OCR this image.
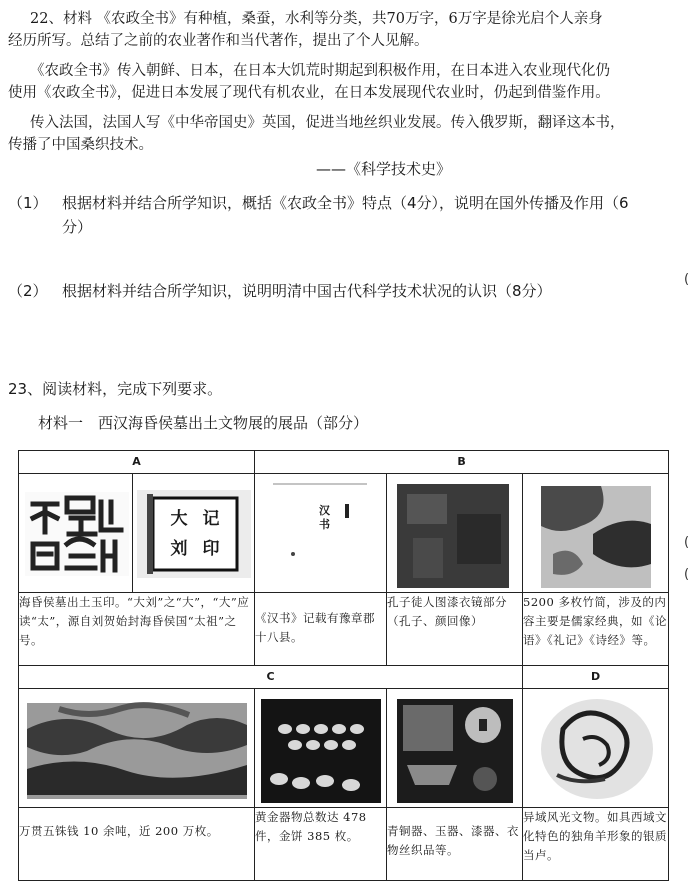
22、材料 《农政全书》有种植，桑蚕，水利等分类，共70万字，6万字是徐光启个人亲身
经历所写。总结了之前的农业著作和当代著作，提出了个人见解。
《农政全书》传入朝鲜、日本，在日本大饥荒时期起到积极作用，在日本进入农业现代化仍
使用《农政全书》，促进日本发展了现代有机农业，在日本发展现代农业时，仍起到借鉴作用。
传入法国，法国人写《中华帝国史》英国，促进当地丝织业发展。传入俄罗斯，翻译这本书，
传播了中国桑织技术。
——《科学技术史》
（1） 根据材料并结合所学知识，概括《农政全书》特点（4分），说明在国外传播及作用（6
分）
（2） 根据材料并结合所学知识，说明明清中国古代科学技术状况的认识（8分）
(
(
(
23、阅读材料，完成下列要求。
材料一　西汉海昏侯墓出土文物展的展品（部分）
A		B		

大 记
刘 印	汉书

海昏侯墓出土玉印。“大刘”之“大”，“大”应读“太”，源自刘贺始封海昏侯国“太祖”之号。		《汉书》记载有豫章郡十八县。	孔子徒人图漆衣镜部分（孔子、颜回像）	5200 多枚竹简，涉及的内容主要是儒家经典，如《论语》《礼记》《诗经》等。

C				D

万贯五铢钱 10 余吨，近 200 万枚。		黄金器物总数达 478 件，金饼 385 枚。	青铜器、玉器、漆器、衣物丝织品等。	异域风光文物。如具西域文化特色的独角羊形象的银质当卢。
